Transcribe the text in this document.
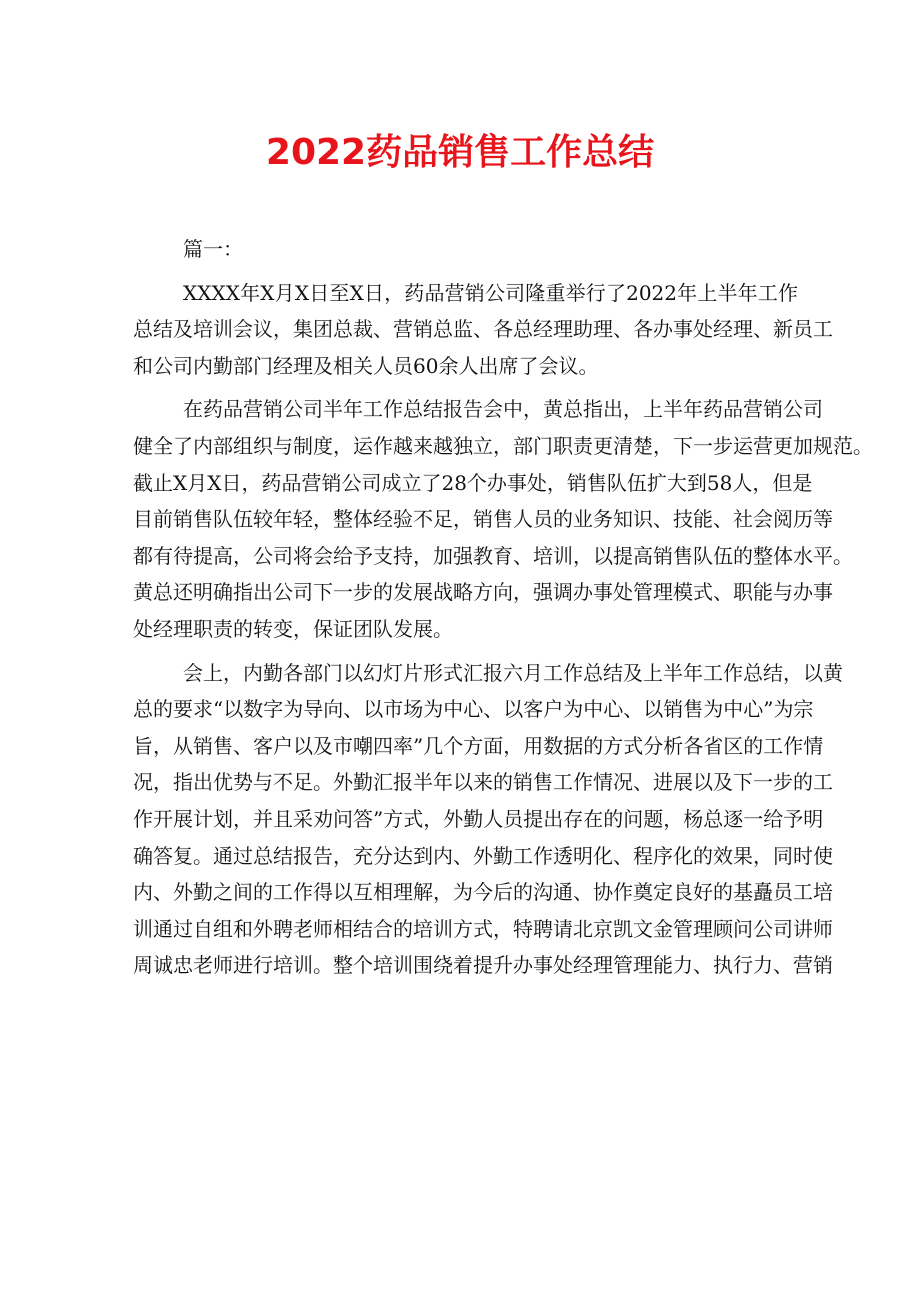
2022药品销售工作总结
篇一：
XXXX年X月X日至X日，药品营销公司隆重举行了2022年上半年工作
总结及培训会议，集团总裁、营销总监、各总经理助理、各办事处经理、新员工
和公司内勤部门经理及相关人员60余人出席了会议。
在药品营销公司半年工作总结报告会中，黄总指出，上半年药品营销公司
健全了内部组织与制度，运作越来越独立，部门职责更清楚，下一步运营更加规范。
截止X月X日，药品营销公司成立了28个办事处，销售队伍扩大到58人，但是
目前销售队伍较年轻，整体经验不足，销售人员的业务知识、技能、社会阅历等
都有待提高，公司将会给予支持，加强教育、培训，以提高销售队伍的整体水平。
黄总还明确指出公司下一步的发展战略方向，强调办事处管理模式、职能与办事
处经理职责的转变，保证团队发展。
会上，内勤各部门以幻灯片形式汇报六月工作总结及上半年工作总结，以黄
总的要求“以数字为导向、以市场为中心、以客户为中心、以销售为中心”为宗
旨，从销售、客户以及市嘲四率”几个方面，用数据的方式分析各省区的工作情
况，指出优势与不足。外勤汇报半年以来的销售工作情况、进展以及下一步的工
作开展计划，并且采劝问答”方式，外勤人员提出存在的问题，杨总逐一给予明
确答复。通过总结报告，充分达到内、外勤工作透明化、程序化的效果，同时使
内、外勤之间的工作得以互相理解，为今后的沟通、协作奠定良好的基矗员工培
训通过自组和外聘老师相结合的培训方式，特聘请北京凯文金管理顾问公司讲师
周诚忠老师进行培训。整个培训围绕着提升办事处经理管理能力、执行力、营销
